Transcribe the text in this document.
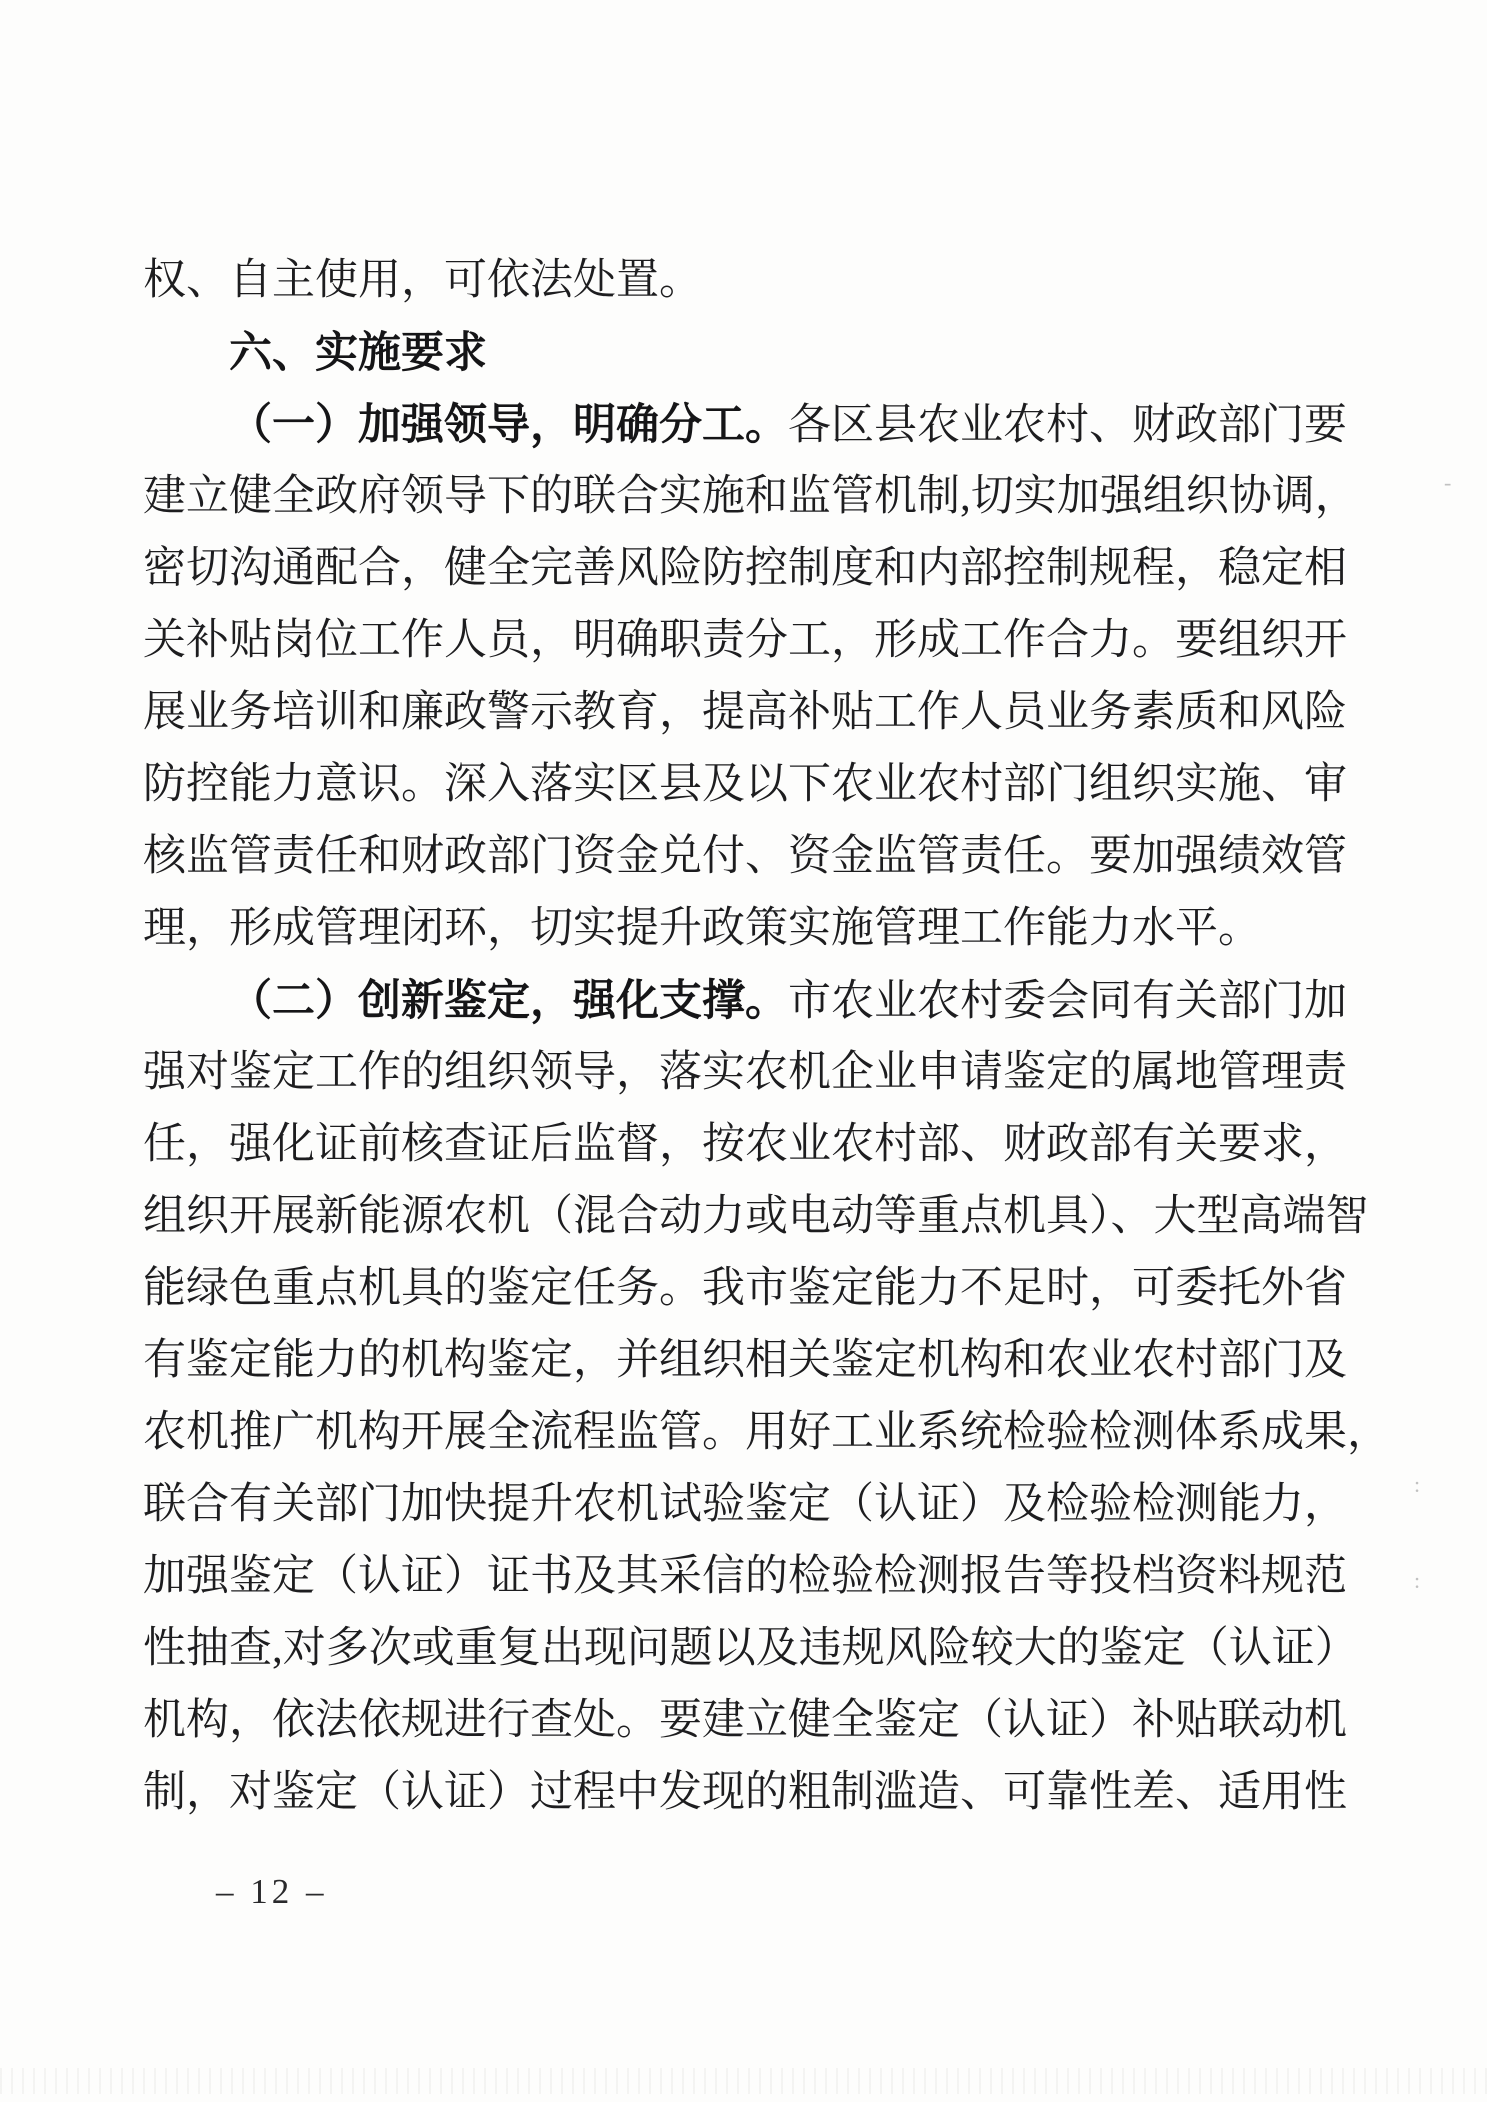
权、自主使用，可依法处置。
六、实施要求
（一）加强领导，明确分工。各区县农业农村、财政部门要
建立健全政府领导下的联合实施和监管机制,切实加强组织协调，
密切沟通配合，健全完善风险防控制度和内部控制规程，稳定相
关补贴岗位工作人员，明确职责分工，形成工作合力。要组织开
展业务培训和廉政警示教育，提高补贴工作人员业务素质和风险
防控能力意识。深入落实区县及以下农业农村部门组织实施、审
核监管责任和财政部门资金兑付、资金监管责任。要加强绩效管
理，形成管理闭环，切实提升政策实施管理工作能力水平。
（二）创新鉴定，强化支撑。市农业农村委会同有关部门加
强对鉴定工作的组织领导，落实农机企业申请鉴定的属地管理责
任，强化证前核查证后监督，按农业农村部、财政部有关要求，
组织开展新能源农机（混合动力或电动等重点机具）、大型高端智
能绿色重点机具的鉴定任务。我市鉴定能力不足时，可委托外省
有鉴定能力的机构鉴定，并组织相关鉴定机构和农业农村部门及
农机推广机构开展全流程监管。用好工业系统检验检测体系成果，
联合有关部门加快提升农机试验鉴定（认证）及检验检测能力，
加强鉴定（认证）证书及其采信的检验检测报告等投档资料规范
性抽查,对多次或重复出现问题以及违规风险较大的鉴定（认证）
机构，依法依规进行查处。要建立健全鉴定（认证）补贴联动机
制，对鉴定（认证）过程中发现的粗制滥造、可靠性差、适用性
– 12 –
-
:
:
